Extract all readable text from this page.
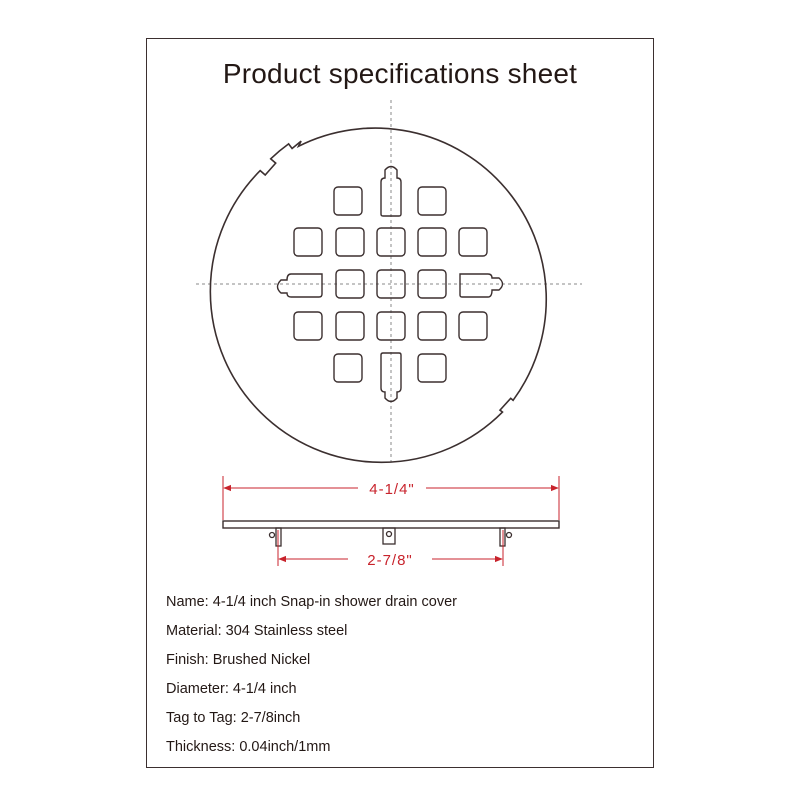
Product specifications sheet
4-1/4"
2-7/8"
Name: 4-1/4 inch Snap-in shower drain cover
Material: 304 Stainless steel
Finish: Brushed Nickel
Diameter: 4-1/4 inch
Tag to Tag: 2-7/8inch
Thickness: 0.04inch/1mm
